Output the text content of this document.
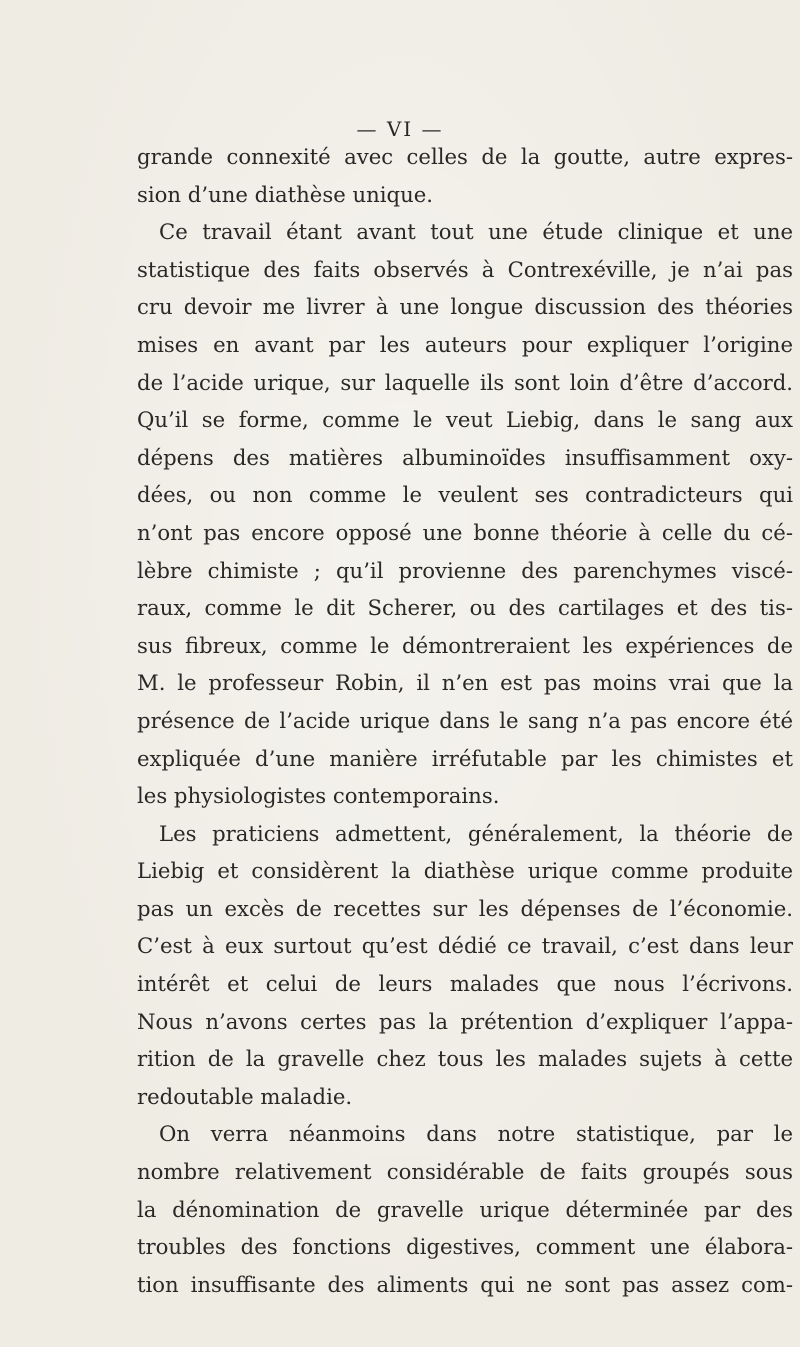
— VI —
grande connexité avec celles de la goutte, autre expres-
sion d’une diathèse unique.
Ce travail étant avant tout une étude clinique et une
statistique des faits observés à Contrexéville, je n’ai pas
cru devoir me livrer à une longue discussion des théories
mises en avant par les auteurs pour expliquer l’origine
de l’acide urique, sur laquelle ils sont loin d’être d’accord.
Qu’il se forme, comme le veut Liebig, dans le sang aux
dépens des matières albuminoïdes insuffisamment oxy-
dées, ou non comme le veulent ses contradicteurs qui
n’ont pas encore opposé une bonne théorie à celle du cé-
lèbre chimiste ; qu’il provienne des parenchymes viscé-
raux, comme le dit Scherer, ou des cartilages et des tis-
sus fibreux, comme le démontreraient les expériences de
M. le professeur Robin, il n’en est pas moins vrai que la
présence de l’acide urique dans le sang n’a pas encore été
expliquée d’une manière irréfutable par les chimistes et
les physiologistes contemporains.
Les praticiens admettent, généralement, la théorie de
Liebig et considèrent la diathèse urique comme produite
pas un excès de recettes sur les dépenses de l’économie.
C’est à eux surtout qu’est dédié ce travail, c’est dans leur
intérêt et celui de leurs malades que nous l’écrivons.
Nous n’avons certes pas la prétention d’expliquer l’appa-
rition de la gravelle chez tous les malades sujets à cette
redoutable maladie.
On verra néanmoins dans notre statistique, par le
nombre relativement considérable de faits groupés sous
la dénomination de gravelle urique déterminée par des
troubles des fonctions digestives, comment une élabora-
tion insuffisante des aliments qui ne sont pas assez com-
